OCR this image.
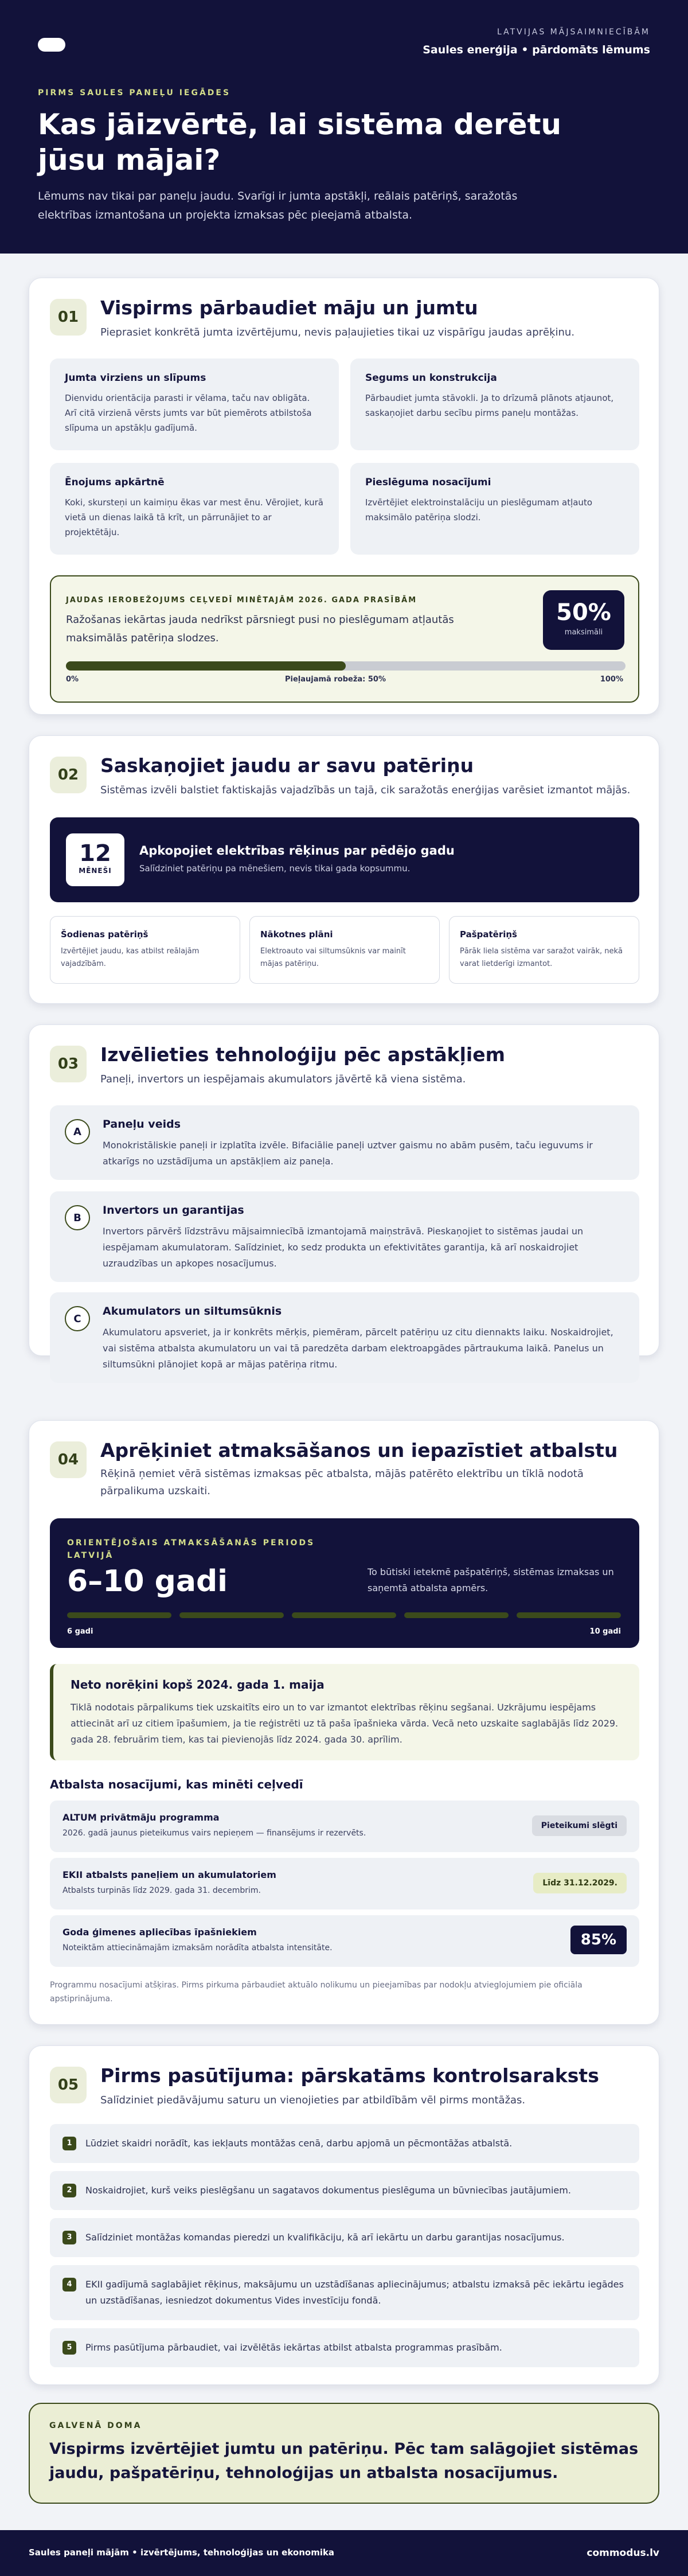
LATVIJAS MĀJSAIMNIECĪBĀM
Saules enerģija • pārdomāts lēmums
PIRMS SAULES PANEĻU IEGĀDES
Kas jāizvērtē, lai sistēma derētu jūsu mājai?

Lēmums nav tikai par paneļu jaudu. Svarīgi ir jumta apstākļi, reālais patēriņš, saražotās elektrības izmantošana un projekta izmaksas pēc pieejamā atbalsta.

01	Vispirms pārbaudiet māju un jumtu

Pieprasiet konkrētā jumta izvērtējumu, nevis paļaujieties tikai uz vispārīgu jaudas aprēķinu.

Jumta virziens un slīpums
Dienvidu orientācija parasti ir vēlama, taču nav obligāta. Arī citā virzienā vērsts jumts var būt piemērots atbilstoša slīpuma un apstākļu gadījumā.
Segums un konstrukcija
Pārbaudiet jumta stāvokli. Ja to drīzumā plānots atjaunot, saskaņojiet darbu secību pirms paneļu montāžas.
Ēnojums apkārtnē
Koki, skursteņi un kaimiņu ēkas var mest ēnu. Vērojiet, kurā vietā un dienas laikā tā krīt, un pārrunājiet to ar projektētāju.
Pieslēguma nosacījumi
Izvērtējiet elektroinstalāciju un pieslēgumam atļauto maksimālo patēriņa slodzi.
JAUDAS IEROBEŽOJUMS CEĻVEDĪ MINĒTAJĀM 2026. GADA PRASĪBĀM
Ražošanas iekārtas jauda nedrīkst pārsniegt pusi no pieslēgumam atļautās maksimālās patēriņa slodzes.
50%
maksimāli
0%	Pieļaujamā robeža: 50%	100%
02	Saskaņojiet jaudu ar savu patēriņu

Sistēmas izvēli balstiet faktiskajās vajadzībās un tajā, cik saražotās enerģijas varēsiet izmantot mājās.

12
MĒNEŠI
Apkopojiet elektrības rēķinus par pēdējo gadu
Salīdziniet patēriņu pa mēnešiem, nevis tikai gada kopsummu.
Šodienas patēriņš
Izvērtējiet jaudu, kas atbilst reālajām vajadzībām.
Nākotnes plāni
Elektroauto vai siltumsūknis var mainīt mājas patēriņu.
Pašpatēriņš
Pārāk liela sistēma var saražot vairāk, nekā varat lietderīgi izmantot.
03	Izvēlieties tehnoloģiju pēc apstākļiem

Paneļi, invertors un iespējamais akumulators jāvērtē kā viena sistēma.

A
Paneļu veids
Monokristāliskie paneļi ir izplatīta izvēle. Bifaciālie paneļi uztver gaismu no abām pusēm, taču ieguvums ir atkarīgs no uzstādījuma un apstākļiem aiz paneļa.
B
Invertors un garantijas
Invertors pārvērš līdzstrāvu mājsaimniecībā izmantojamā maiņstrāvā. Pieskaņojiet to sistēmas jaudai un iespējamam akumulatoram. Salīdziniet, ko sedz produkta un efektivitātes garantija, kā arī noskaidrojiet uzraudzības un apkopes nosacījumus.
C
Akumulators un siltumsūknis
Akumulatoru apsveriet, ja ir konkrēts mērķis, piemēram, pārcelt patēriņu uz citu diennakts laiku. Noskaidrojiet, vai sistēma atbalsta akumulatoru un vai tā paredzēta darbam elektroapgādes pārtraukuma laikā. Panelus un siltumsūkni plānojiet kopā ar mājas patēriņa ritmu.
04	Aprēķiniet atmaksāšanos un iepazīstiet atbalstu

Rēķinā ņemiet vērā sistēmas izmaksas pēc atbalsta, mājās patērēto elektrību un tīklā nodotā pārpalikuma uzskaiti.

ORIENTĒJOŠAIS ATMAKSĀŠANĀS PERIODS LATVIJĀ
6–10 gadi	To būtiski ietekmē pašpatēriņš, sistēmas izmaksas un saņemtā atbalsta apmērs.
6 gadi	10 gadi
Neto norēķini kopš 2024. gada 1. maija
Tiklā nodotais pārpalikums tiek uzskaitīts eiro un to var izmantot elektrības rēķinu segšanai. Uzkrājumu iespējams attiecināt arī uz citiem īpašumiem, ja tie reģistrēti uz tā paša īpašnieka vārda. Vecā neto uzskaite saglabājās līdz 2029. gada 28. februārim tiem, kas tai pievienojās līdz 2024. gada 30. aprīlim.
Atbalsta nosacījumi, kas minēti ceļvedī
ALTUM privātmāju programma
2026. gadā jaunus pieteikumus vairs nepieņem — finansējums ir rezervēts.
Pieteikumi slēgti
EKII atbalsts paneļiem un akumulatoriem
Atbalsts turpinās līdz 2029. gada 31. decembrim.
Līdz 31.12.2029.
Goda ģimenes apliecības īpašniekiem
Noteiktām attiecināmajām izmaksām norādīta atbalsta intensitāte.	85%

Programmu nosacījumi atšķiras. Pirms pirkuma pārbaudiet aktuālo nolikumu un pieejamības par nodokļu atvieglojumiem pie oficiāla apstiprinājuma.

05	Pirms pasūtījuma: pārskatāms kontrolsaraksts

Salīdziniet piedāvājumu saturu un vienojieties par atbildībām vēl pirms montāžas.

1	Lūdziet skaidri norādīt, kas iekļauts montāžas cenā, darbu apjomā un pēcmontāžas atbalstā.
2	Noskaidrojiet, kurš veiks pieslēgšanu un sagatavos dokumentus pieslēguma un būvniecības jautājumiem.
3	Salīdziniet montāžas komandas pieredzi un kvalifikāciju, kā arī iekārtu un darbu garantijas nosacījumus.
4	EKII gadījumā saglabājiet rēķinus, maksājumu un uzstādīšanas apliecinājumus; atbalstu izmaksā pēc iekārtu iegādes un uzstādīšanas, iesniedzot dokumentus Vides investīciju fondā.
5	Pirms pasūtījuma pārbaudiet, vai izvēlētās iekārtas atbilst atbalsta programmas prasībām.
GALVENĀ DOMA
Vispirms izvērtējiet jumtu un patēriņu. Pēc tam salāgojiet sistēmas jaudu, pašpatēriņu, tehnoloģijas un atbalsta nosacījumus.
Saules paneļi mājām • izvērtējums, tehnoloģijas un ekonomika	commodus.lv
